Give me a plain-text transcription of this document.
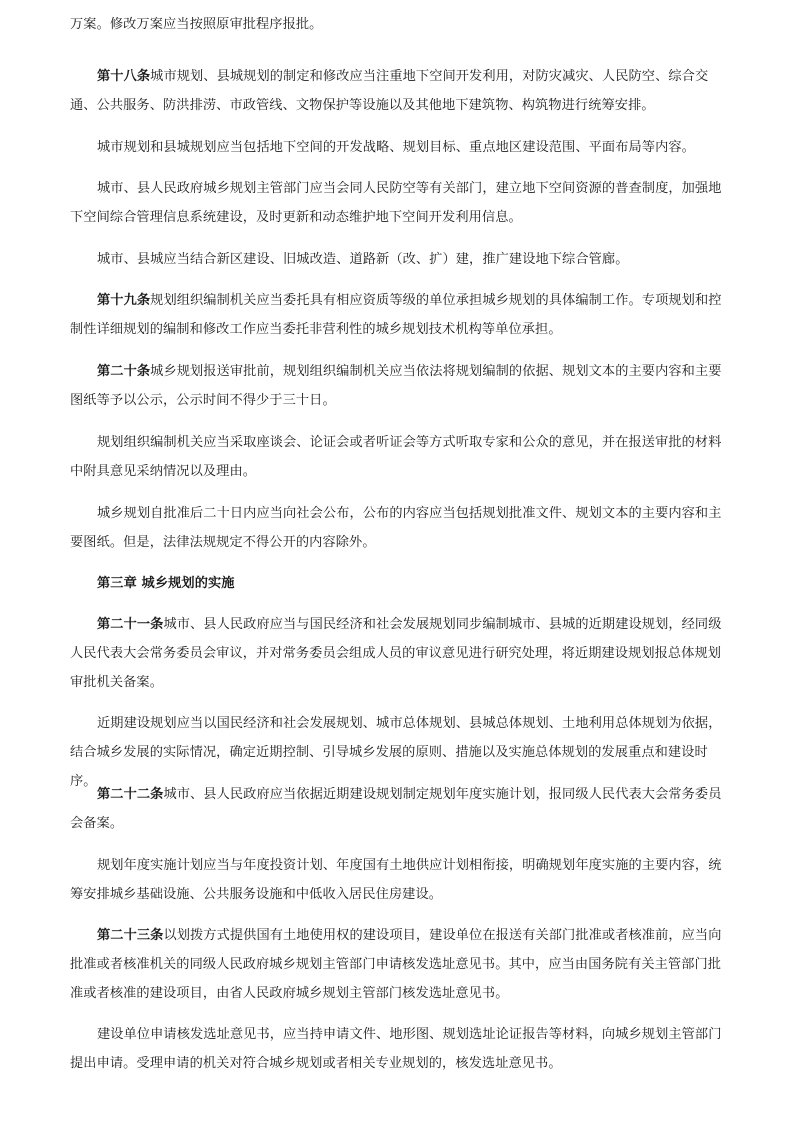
万案。修改万案应当按照原审批程序报批。

第十八条城市规划、县城规划的制定和修改应当注重地下空间开发利用，对防灾减灾、人民防空、综合交通、公共服务、防洪排涝、市政管线、文物保护等设施以及其他地下建筑物、构筑物进行统筹安排。

城市规划和县城规划应当包括地下空间的开发战略、规划目标、重点地区建设范围、平面布局等内容。

城市、县人民政府城乡规划主管部门应当会同人民防空等有关部门，建立地下空间资源的普查制度，加强地下空间综合管理信息系统建设，及时更新和动态维护地下空间开发利用信息。

城市、县城应当结合新区建设、旧城改造、道路新（改、扩）建，推广建设地下综合管廊。

第十九条规划组织编制机关应当委托具有相应资质等级的单位承担城乡规划的具体编制工作。专项规划和控制性详细规划的编制和修改工作应当委托非营利性的城乡规划技术机构等单位承担。

第二十条城乡规划报送审批前，规划组织编制机关应当依法将规划编制的依据、规划文本的主要内容和主要图纸等予以公示，公示时间不得少于三十日。

规划组织编制机关应当采取座谈会、论证会或者听证会等方式听取专家和公众的意见，并在报送审批的材料中附具意见采纳情况以及理由。

城乡规划自批准后二十日内应当向社会公布，公布的内容应当包括规划批准文件、规划文本的主要内容和主要图纸。但是，法律法规规定不得公开的内容除外。

第三章 城乡规划的实施

第二十一条城市、县人民政府应当与国民经济和社会发展规划同步编制城市、县城的近期建设规划，经同级人民代表大会常务委员会审议，并对常务委员会组成人员的审议意见进行研究处理，将近期建设规划报总体规划审批机关备案。

近期建设规划应当以国民经济和社会发展规划、城市总体规划、县城总体规划、土地利用总体规划为依据，结合城乡发展的实际情况，确定近期控制、引导城乡发展的原则、措施以及实施总体规划的发展重点和建设时序。

第二十二条城市、县人民政府应当依据近期建设规划制定规划年度实施计划，报同级人民代表大会常务委员会备案。

规划年度实施计划应当与年度投资计划、年度国有土地供应计划相衔接，明确规划年度实施的主要内容，统筹安排城乡基础设施、公共服务设施和中低收入居民住房建设。

第二十三条以划拨方式提供国有土地使用权的建设项目，建设单位在报送有关部门批准或者核准前，应当向批准或者核准机关的同级人民政府城乡规划主管部门申请核发选址意见书。其中，应当由国务院有关主管部门批准或者核准的建设项目，由省人民政府城乡规划主管部门核发选址意见书。

建设单位申请核发选址意见书，应当持申请文件、地形图、规划选址论证报告等材料，向城乡规划主管部门提出申请。受理申请的机关对符合城乡规划或者相关专业规划的，核发选址意见书。
